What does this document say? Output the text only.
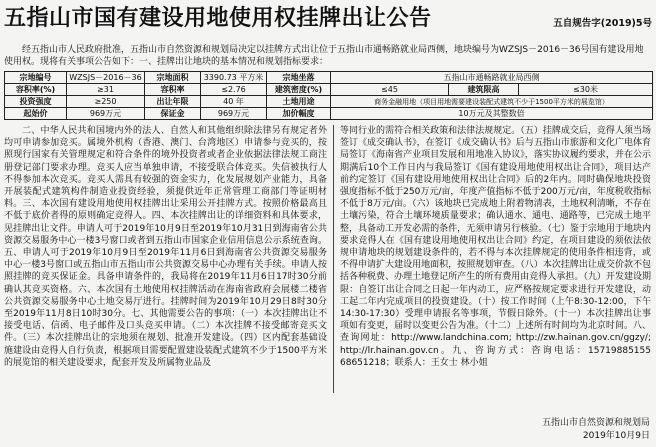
五指山市国有建设用地使用权挂牌出让公告	五自规告字(2019)5号
经五指山市人民政府批准，五指山市自然资源和规划局决定以挂牌方式出让位于五指山市通畅路就业局西侧，地块编号为WZSJS－2016－36号国有建设用地使用权。现将有关事项公告如下：一、挂牌出让地块的基本情况和规划指标要求：
宗地编号	WZSJS－2016－36	宗地面积	3390.73 平方米	宗地坐落	五指山市通畅路就业局西侧		
容积率(%)	≥31	容积率	≤2.76	建筑密度(%)	≤45	建筑限高	≤30米
投资强度	≥250	出让年限	40 年	土地用途	商务金融用地（项目用地需要建设装配式建筑不少于1500平方米的展览馆）		
起始价	969万元	保证金	969万元	加价幅度	10万元及其整数倍		
二、中华人民共和国境内外的法人、自然人和其他组织除法律另有规定者外均可申请参加竞买。属境外机构（香港、澳门、台湾地区）申请参与竞买的，按照现行国家有关管理规定和符合条件的境外投资者或者企业依据法律法规工商注册登记部门要求办理。竞买人应当单独申请，不接受联合体竞买。失信被执行人不得参加本次竞买。竞买人需具有较强的资金实力，化发展规划产业能力，具备开展装配式建筑构件制造业投资经验，须提供近年正常管理工商部门等证明材料。三、本次国有建设用地使用权挂牌出让采用公开挂牌方式。按照价格最高且不低于底价者得的原则确定竞得人。四、本次挂牌出让的详细资料和具体要求，见挂牌出让文件。申请人可于2019年10月9日至2019年10月31日到海南省公共资源交易服务中心一楼3号窗口或者到五指山市国家企业信用信息公示系统查询。五、申请人可于2019年10月9日至2019年11月6日到海南省公共资源交易服务中心一楼3号窗口或五指山市五指山市公共资源交易中心办理有关手续。申请人按照挂牌的竞买保证金。具备申请条件的，我局将在2019年11月6日17时30分前确认其竞买资格。六、本次国有土地使用权挂牌活动在海南省政府会展楼二楼省公共资源交易服务中心土地交易厅进行。挂牌时间为2019年10月29日8时30分至2019年11月8日10时30分。七、其他需要公告的事项：（一）本次挂牌出让不接受电话、信函、电子邮件及口头竞买申请。（二）本次挂牌不接受邮寄竞买文件。（三）本次挂牌出让的宗地须在规划、批准开发建设。（四）区内配套基础设施建设由竞得人自行负责，根据项目需要配置建设装配式建筑不少于1500平方米的展览馆的相关建设要求，配套开发及所属物业品及
等同行业的需符合相关政策和法律法规规定。（五）挂牌成交后，竞得人须当场签订《成交确认书》，在签订《成交确认书》后与五指山市旅游和文化广电体育局签订《海南省产业项目发展和用地准入协议》，落实协议履约要求，并在公示期满后10个工作日内与我局签订《国有建设用地使用权出让合同》，项目达产前约定签订《国有建设用地使用权出让合同》后的2年内。同时确保地块投资强度指标不低于250万元/亩，年度产值指标不低于200万元/亩，年度税收指标不低于8万元/亩。（六）该地块已完成地上附着物清表，土地权利清晰，不存在土壤污染，符合土壤环境质量要求；确认通水、通电、通路等，已完成土地平整，具备动工开发必需的条件，无须申请另行核验。（七）鉴于宗地用于地块内要求竞得人在《国有建设用地使用权出让合同》约定，在项目建设的须依法依规申请地块的规划建设条件的，若不得与本次挂牌规定的使用条件相违背，或不得申请扩大建设用地面积，按照规划审查。（八）本次挂牌出让成交价款不包括各种税费、办理土地登记所产生的所有费用由竞得人承担。（九）开发建设期限：自签订出让合同之日起一年内动工，应严格按规定要求进行开发建设，动工起二年内完成项目的投资建设。（十）按工作时间（上午8:30-12:00，下午14:30-17:30）受理申请报名等事项，节假日除外。（十一）本次挂牌出让事项如有变更，届时以变更公告为准。（十二）上述所有时间均为北京时间。八、查询网址：http://www.landchina.com; http://zw.hainan.gov.cn/ggzy/; http://lr.hainan.gov.cn。九、咨询方式：咨询电话：15719885155 68651218；联系人：王女士 林小姐
五指山市自然资源和规划局
2019年10月9日
